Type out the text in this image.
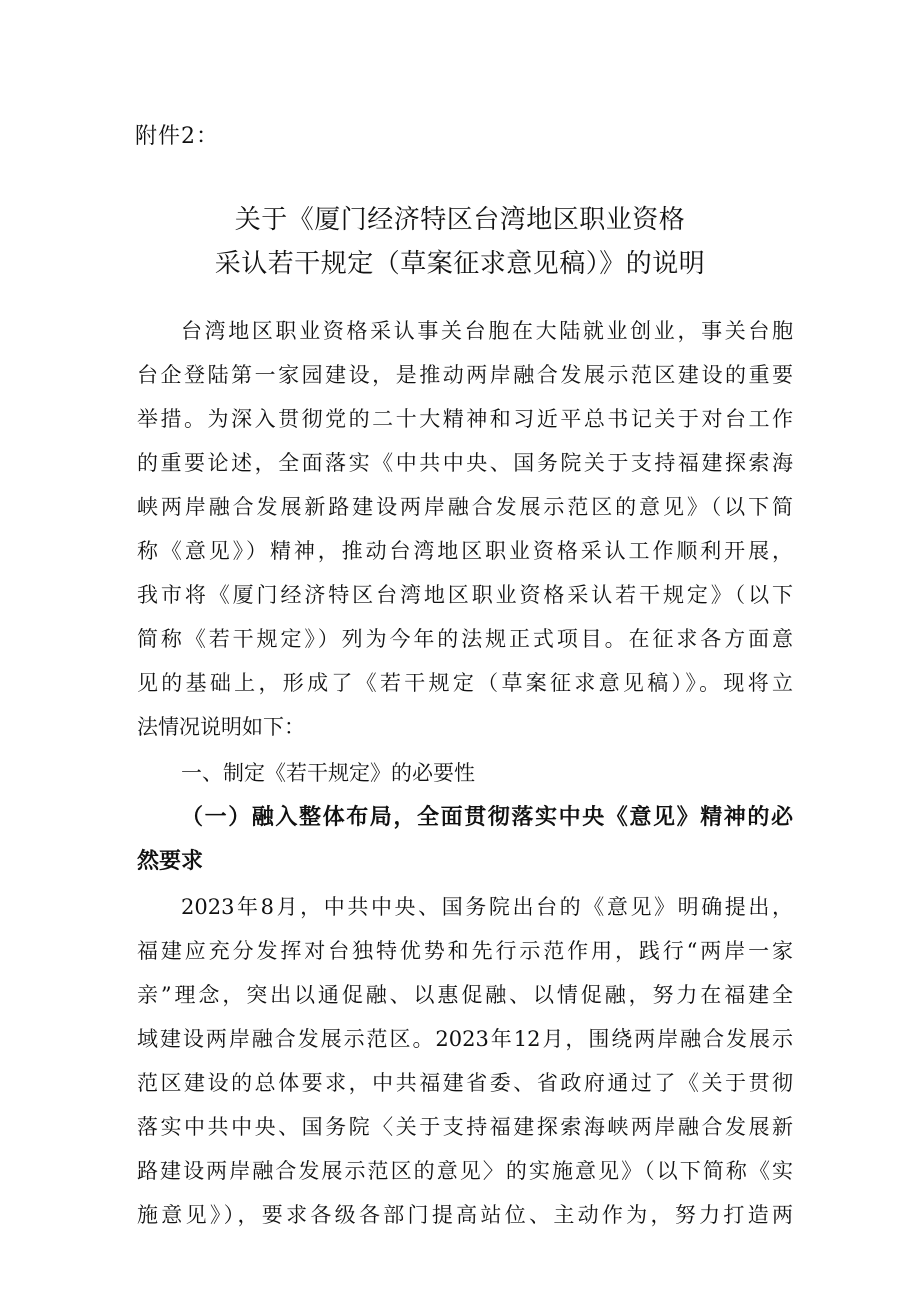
附件2：
关于《厦门经济特区台湾地区职业资格
采认若干规定（草案征求意见稿）》的说明
台湾地区职业资格采认事关台胞在大陆就业创业，事关台胞
台企登陆第一家园建设，是推动两岸融合发展示范区建设的重要
举措。为深入贯彻党的二十大精神和习近平总书记关于对台工作
的重要论述，全面落实《中共中央、国务院关于支持福建探索海
峡两岸融合发展新路建设两岸融合发展示范区的意见》（以下简
称《意见》）精神，推动台湾地区职业资格采认工作顺利开展，
我市将《厦门经济特区台湾地区职业资格采认若干规定》（以下
简称《若干规定》）列为今年的法规正式项目。在征求各方面意
见的基础上，形成了《若干规定（草案征求意见稿）》。现将立
法情况说明如下：
一、制定《若干规定》的必要性
（一）融入整体布局，全面贯彻落实中央《意见》精神的必
然要求
2023年8月，中共中央、国务院出台的《意见》明确提出，
福建应充分发挥对台独特优势和先行示范作用，践行“两岸一家
亲”理念，突出以通促融、以惠促融、以情促融，努力在福建全
域建设两岸融合发展示范区。2023年12月，围绕两岸融合发展示
范区建设的总体要求，中共福建省委、省政府通过了《关于贯彻
落实中共中央、国务院〈关于支持福建探索海峡两岸融合发展新
路建设两岸融合发展示范区的意见〉的实施意见》（以下简称《实
施意见》），要求各级各部门提高站位、主动作为，努力打造两
